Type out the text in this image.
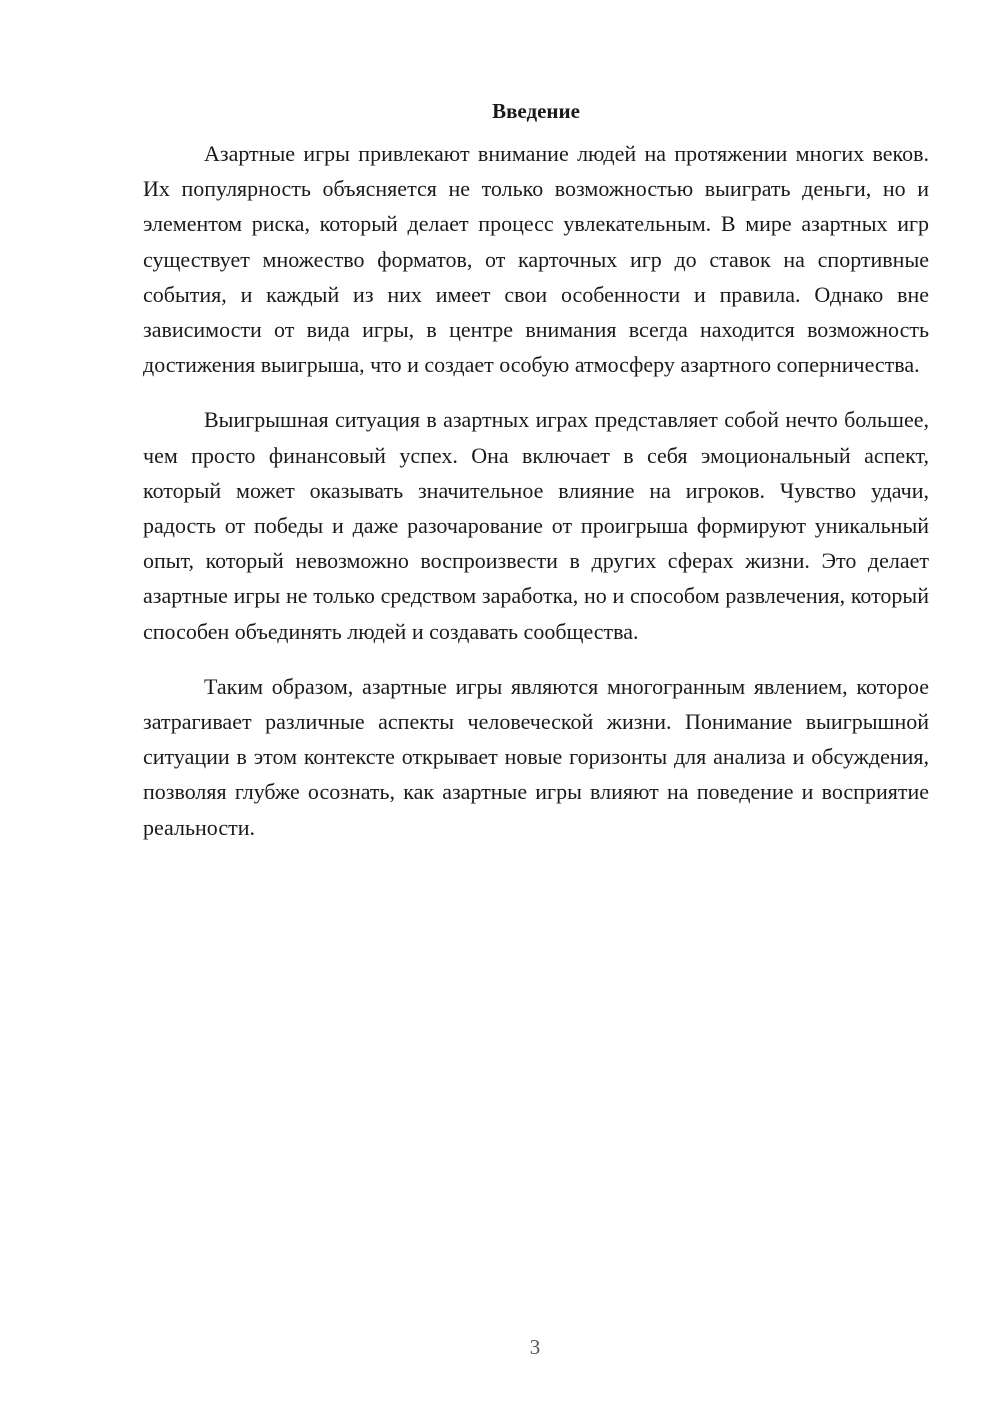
Введение

Азартные игры привлекают внимание людей на протяжении многих веков. Их популярность объясняется не только возможностью выиграть деньги, но и элементом риска, который делает процесс увлекательным. В мире азартных игр существует множество форматов, от карточных игр до ставок на спортивные события, и каждый из них имеет свои особенности и правила. Однако вне зависимости от вида игры, в центре внимания всегда находится возможность достижения выигрыша, что и создает особую атмосферу азартного соперничества.

Выигрышная ситуация в азартных играх представляет собой нечто большее, чем просто финансовый успех. Она включает в себя эмоциональный аспект, который может оказывать значительное влияние на игроков. Чувство удачи, радость от победы и даже разочарование от проигрыша формируют уникальный опыт, который невозможно воспроизвести в других сферах жизни. Это делает азартные игры не только средством заработка, но и способом развлечения, который способен объединять людей и создавать сообщества.

Таким образом, азартные игры являются многогранным явлением, которое затрагивает различные аспекты человеческой жизни. Понимание выигрышной ситуации в этом контексте открывает новые горизонты для анализа и обсуждения, позволяя глубже осознать, как азартные игры влияют на поведение и восприятие реальности.

3
